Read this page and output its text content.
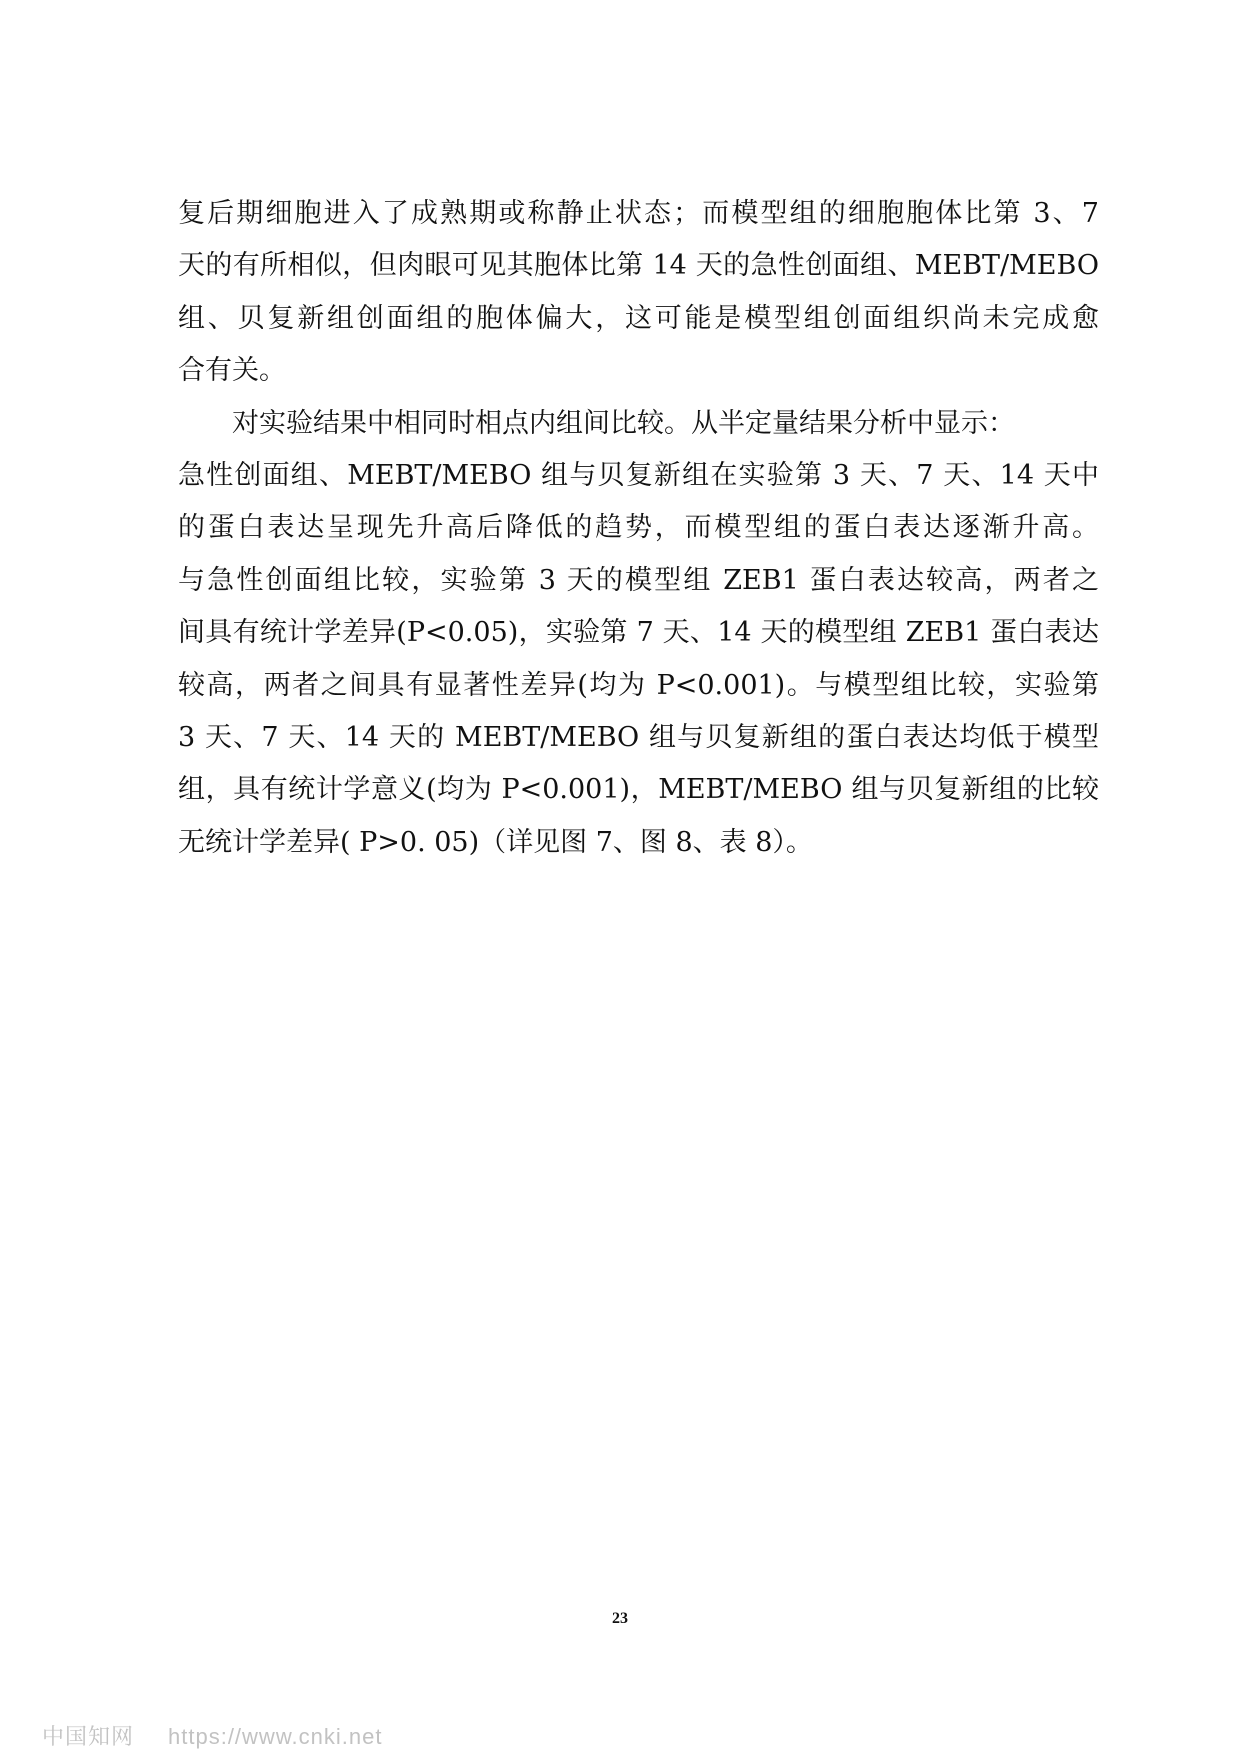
复后期细胞进入了成熟期或称静止状态；而模型组的细胞胞体比第 3、7
天的有所相似，但肉眼可见其胞体比第 14 天的急性创面组、MEBT/MEBO
组、贝复新组创面组的胞体偏大，这可能是模型组创面组织尚未完成愈
合有关。
　　对实验结果中相同时相点内组间比较。从半定量结果分析中显示：
急性创面组、MEBT/MEBO 组与贝复新组在实验第 3 天、7 天、14 天中
的蛋白表达呈现先升高后降低的趋势，而模型组的蛋白表达逐渐升高。
与急性创面组比较，实验第 3 天的模型组 ZEB1 蛋白表达较高，两者之
间具有统计学差异(P<0.05)，实验第 7 天、14 天的模型组 ZEB1 蛋白表达
较高，两者之间具有显著性差异(均为 P<0.001)。与模型组比较，实验第
3 天、7 天、14 天的 MEBT/MEBO 组与贝复新组的蛋白表达均低于模型
组，具有统计学意义(均为 P<0.001)，MEBT/MEBO 组与贝复新组的比较
无统计学差异( P>0. 05)（详见图 7、图 8、表 8）。
23
中国知网 https://www.cnki.net
